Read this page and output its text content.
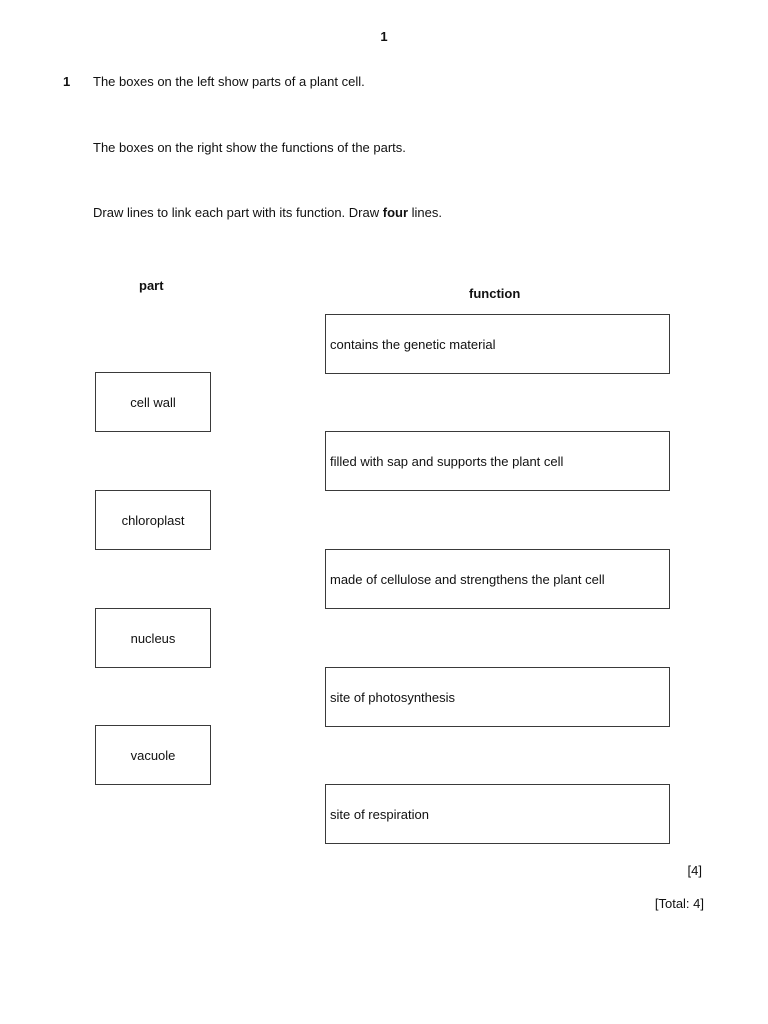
1
1 The boxes on the left show parts of a plant cell.
The boxes on the right show the functions of the parts.
Draw lines to link each part with its function. Draw four lines.
part
function
cell wall
chloroplast
nucleus
vacuole
contains the genetic material
filled with sap and supports the plant cell
made of cellulose and strengthens the plant cell
site of photosynthesis
site of respiration
[4]
[Total: 4]
